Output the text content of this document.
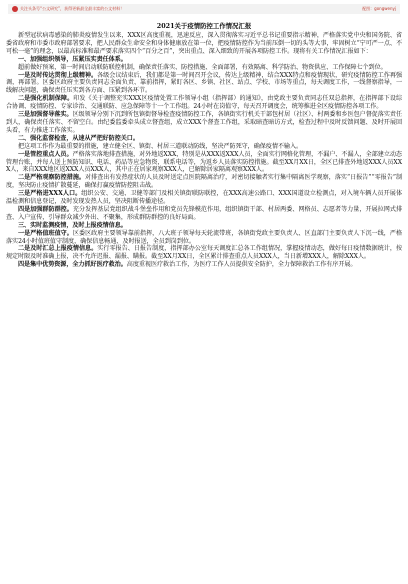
关注头条号“公文研究”，获得更新最全最丰富的公文材料！	配图：gongwenyj
2021关于疫情防控工作情况汇报

新型冠状病毒感染的肺炎疫情发生以来，XXX区高度重视，迅速反应，深入贯彻落实习近平总书记重要指示精神，严格落实党中央和国务院、省委省政府和市委市政府部署要求，把人民群众生命安全和身体健康放在第一位，把疫情防控作为当前压倒一切的头等大事，牢固树立“宁可严一点、不可松一毫”的理念，以最高标准和最严要求落实四个“百分之百”，突出重点、深入细致的开展各项防控工作。现将有关工作情况汇报如下：

一、加强组织领导，压紧压实责任体系。

超前做好预案，第一时间启动联防联控机制，确保责任落实、防控措施、全面部署，有效隔离、科学防治、物资供应、工作保障七个到位。

一是及时传达贯彻上级精神。各级会议结束后，我们都是第一时间召开会议，传达上级精神，结合XXX特点和疫情现状，研究疫情防控工作再强调，再部署。区委区政府主要负责同志全面负责、靠前指挥，紧盯各区、乡镇、社区、站点、学校、市场等重点，每天调度工作，一线督察指导，一线解决问题，确保责任压实到各方面、压紧到各环节。

二是强化机制保障。印发《关于调整充实XXX区疫情处置工作领导小组（指挥部）的通知》，由党政主要负责同志任双总指挥，在指挥部下设综合协调、疫情防控、专家诊治、交通联防、应急保障等十一个工作组。24小时在岗值守，每天召开调度会，统筹推进全区疫情防控各项工作。

三是加强督导落实。区级领导分别下沉到所包镇街督导检查疫情防控工作，各镇街实行机关干部包村居（社区）、村两委和乡医包户督促落实责任到人，确保责任落实、不留空白。由纪委监委牵头成立督查组，成立XXX个督查工作组，采取暗查暗访方式，检查过程中及时反馈问题、及时开展回头看，有力推进工作落实。

二、强化监督检查，从速从严把好防控关口。

把这项工作作为最重要的措施，建立健全区、镇街、村居三道联动防线，坚决严防死守，确保疫情不输入。

一是管控重点人员。严格落实落地排查措施，对外地返XXX，特别是从XXX返XXX人员，全面实行网格化管理，不漏户、不漏人，全部建立动态管理台账，并每人送上预防知识、电话、药品等应急物资，联系电话等，为返乡人员落实防控措施。截至XX月XX日，全区已排查外地返XXX人员XXX人，来自XXX地区返XXX人员XXX人，其中正在居家观察XXX人，已解除居家隔离观察XXX人。

二是严格观察防控措施。对排查出有发热症状的人员及时送定点医院隔离治疗，对密切接触者实行集中隔离医学观察，落实“日报告”“零报告”制度，坚决防止疫情扩散蔓延，确保打赢疫情防控阻击战。

三是严格进XXX人口。组织公安、交通、卫健等部门及相关镇街联防联控，在XXX高速公路口、XXX国道设立检测点，对入境车辆人员开展体温检测和信息登记，及时发现发热人员，坚决阻断传播途径。

四是加强群防群控。充分发挥基层党组织战斗堡垒作用和党员先锋模范作用，组织镇街干部、村居两委、网格员、志愿者等力量，开展拉网式排查、入户宣传，引导群众减少外出、不聚集，形成群防群控的良好局面。

三、实时监测疫情，及时上报疫情信息。

一是严格值班值守。区委区政府主要领导靠前指挥，八大班子领导每天轮流带班，各镇街党政主要负责人、区直部门主要负责人下沉一线，严格落实24小时值班值守制度，确保信息畅通、及时报送，全员到岗到位。

二是及时汇总上报疫情信息。实行零报告、日报告制度，指挥部办公室每天调度汇总各工作组情况，掌握疫情动态，做好每日疫情数据统计，按规定时限及时准确上报，决不允许迟报、漏报、瞒报。截至XX月XX日，全区累计排查重点人员XXX人，当日新增XXX人，解除XXX人。

四是集中优势资源，全力抓好医疗救治。高度重视医疗救治工作，为医疗工作人员提供安全防护，全力保障救治工作有序开展。
